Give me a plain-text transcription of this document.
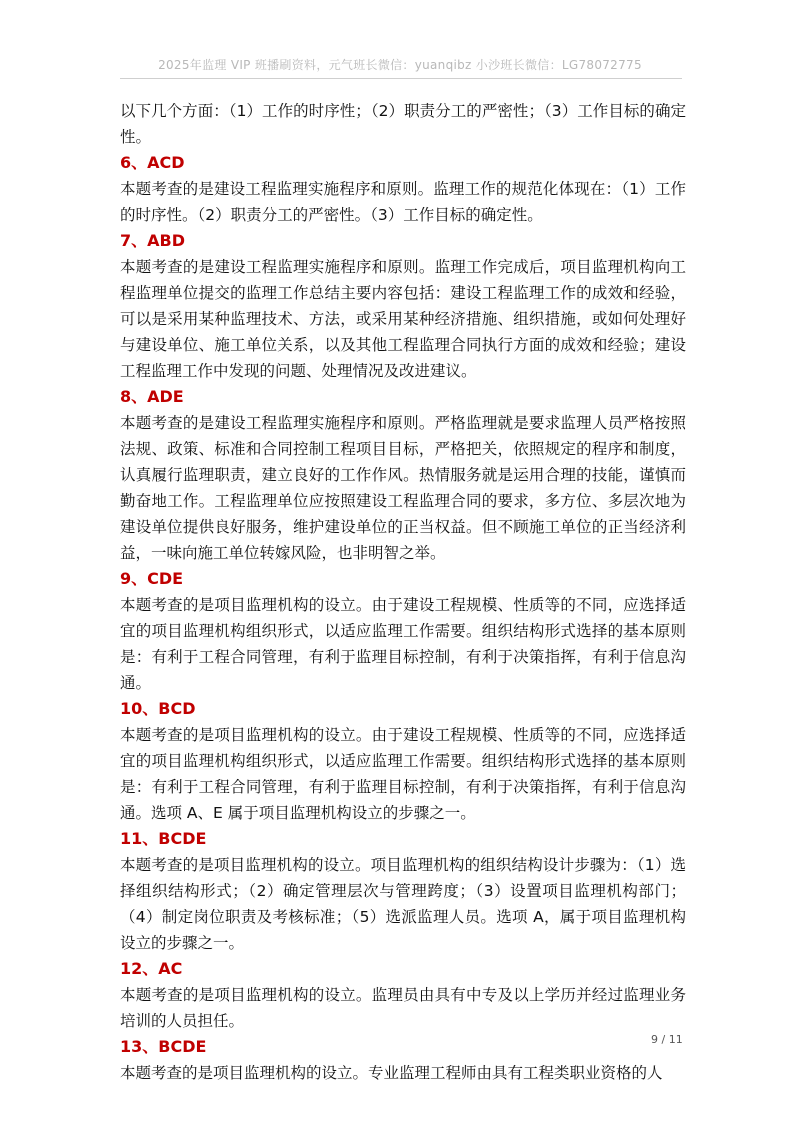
2025年监理 VIP 班播刷资料，元气班长微信：yuanqibz 小沙班长微信：LG78072775

以下几个方面：（1）工作的时序性；（2）职责分工的严密性；（3）工作目标的确定性。

6、ACD

本题考查的是建设工程监理实施程序和原则。监理工作的规范化体现在：（1）工作的时序性。（2）职责分工的严密性。（3）工作目标的确定性。

7、ABD

本题考查的是建设工程监理实施程序和原则。监理工作完成后，项目监理机构向工程监理单位提交的监理工作总结主要内容包括：建设工程监理工作的成效和经验，可以是采用某种监理技术、方法，或采用某种经济措施、组织措施，或如何处理好与建设单位、施工单位关系，以及其他工程监理合同执行方面的成效和经验；建设工程监理工作中发现的问题、处理情况及改进建议。

8、ADE

本题考查的是建设工程监理实施程序和原则。严格监理就是要求监理人员严格按照法规、政策、标准和合同控制工程项目目标，严格把关，依照规定的程序和制度，认真履行监理职责，建立良好的工作作风。热情服务就是运用合理的技能，谨慎而勤奋地工作。工程监理单位应按照建设工程监理合同的要求，多方位、多层次地为建设单位提供良好服务，维护建设单位的正当权益。但不顾施工单位的正当经济利益，一味向施工单位转嫁风险，也非明智之举。

9、CDE

本题考查的是项目监理机构的设立。由于建设工程规模、性质等的不同，应选择适宜的项目监理机构组织形式，以适应监理工作需要。组织结构形式选择的基本原则是：有利于工程合同管理，有利于监理目标控制，有利于决策指挥，有利于信息沟通。

10、BCD

本题考查的是项目监理机构的设立。由于建设工程规模、性质等的不同，应选择适宜的项目监理机构组织形式，以适应监理工作需要。组织结构形式选择的基本原则是：有利于工程合同管理，有利于监理目标控制，有利于决策指挥，有利于信息沟通。选项 A、E 属于项目监理机构设立的步骤之一。

11、BCDE

本题考查的是项目监理机构的设立。项目监理机构的组织结构设计步骤为：（1）选择组织结构形式；（2）确定管理层次与管理跨度；（3）设置项目监理机构部门；（4）制定岗位职责及考核标准；（5）选派监理人员。选项 A，属于项目监理机构设立的步骤之一。

12、AC

本题考查的是项目监理机构的设立。监理员由具有中专及以上学历并经过监理业务培训的人员担任。

13、BCDE

本题考查的是项目监理机构的设立。专业监理工程师由具有工程类职业资格的人

9 / 11
